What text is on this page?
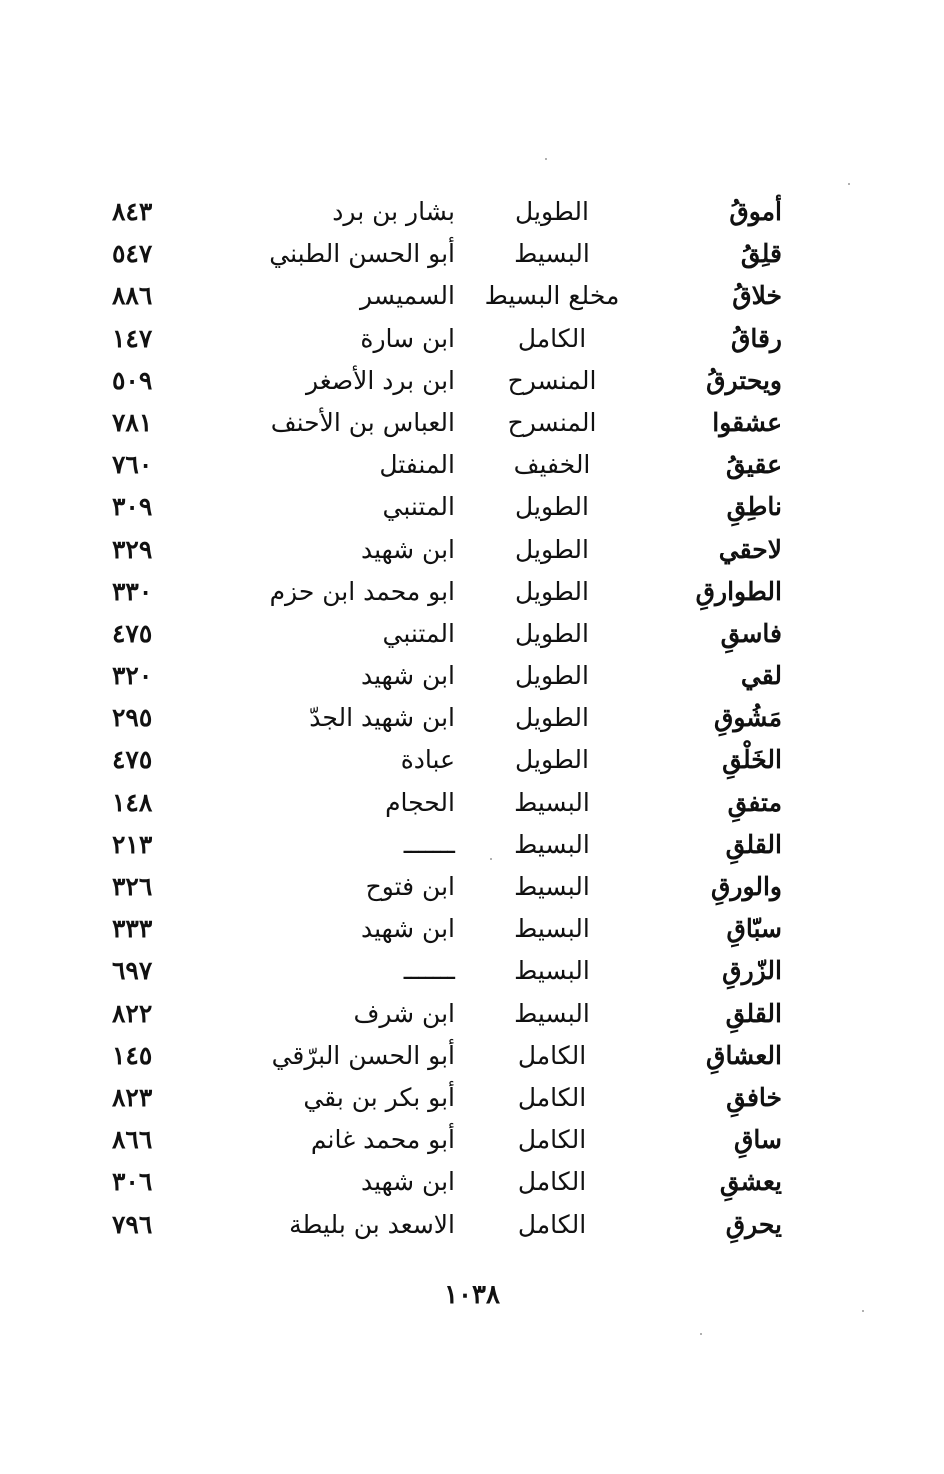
أموقُ
الطويل
بشار بن برد
٨٤٣
قلِقُ
البسيط
أبو الحسن الطبني
٥٤٧
خلاقُ
مخلع البسيط
السميسر
٨٨٦
رقاقُ
الكامل
ابن سارة
١٤٧
ويحترقُ
المنسرح
ابن برد الأصغر
٥٠٩
عشقوا
المنسرح
العباس بن الأحنف
٧٨١
عقيقُ
الخفيف
المنفتل
٧٦٠
ناطِقِ
الطويل
المتنبي
٣٠٩
لاحقي
الطويل
ابن شهيد
٣٢٩
الطوارقِ
الطويل
ابو محمد ابن حزم
٣٣٠
فاسقِ
الطويل
المتنبي
٤٧٥
لقي
الطويل
ابن شهيد
٣٢٠
مَشُوقِ
الطويل
ابن شهيد الجدّ
٢٩٥
الخَلْقِ
الطويل
عبادة
٤٧٥
متفقِ
البسيط
الحجام
١٤٨
القلقِ
البسيط
ـــــــ
٢١٣
والورقِ
البسيط
ابن فتوح
٣٢٦
سبّاقِ
البسيط
ابن شهيد
٣٣٣
الزّرقِ
البسيط
ـــــــ
٦٩٧
القلقِ
البسيط
ابن شرف
٨٢٢
العشاقِ
الكامل
أبو الحسن البرّقي
١٤٥
خافقِ
الكامل
أبو بكر بن بقي
٨٢٣
ساقِ
الكامل
أبو محمد غانم
٨٦٦
يعشقِ
الكامل
ابن شهيد
٣٠٦
يحرقِ
الكامل
الاسعد بن بليطة
٧٩٦
١٠٣٨
